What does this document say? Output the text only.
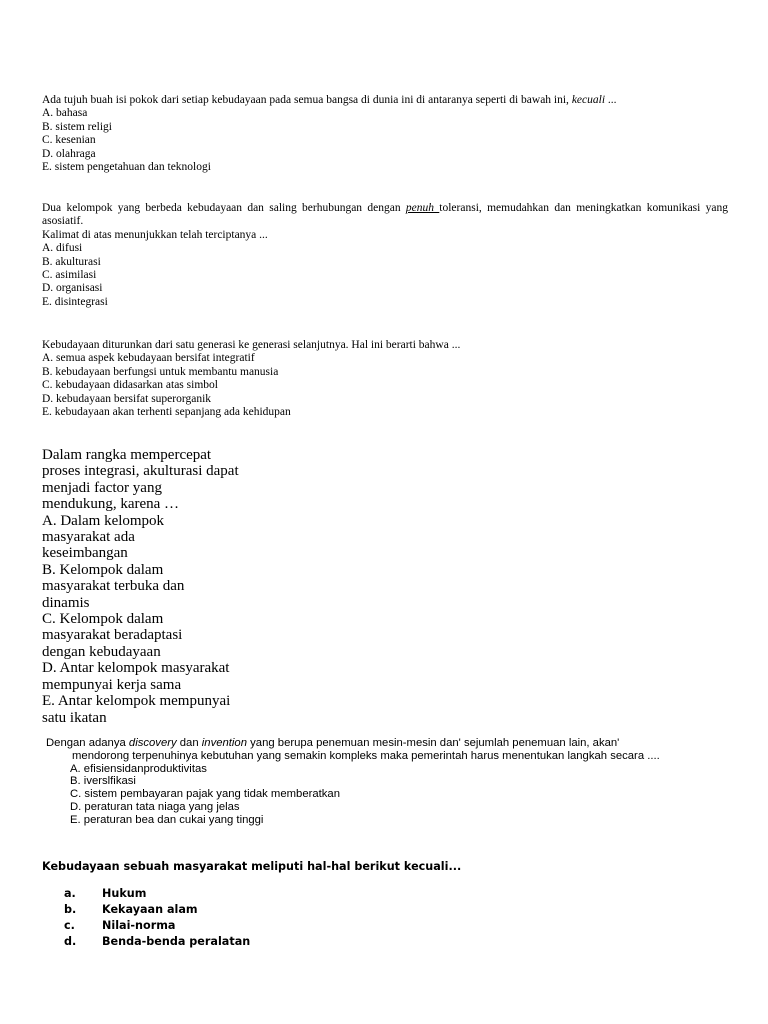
Ada tujuh buah isi pokok dari setiap kebudayaan pada semua bangsa di dunia ini di antaranya seperti di bawah ini, kecuali ...
A. bahasa
B. sistem religi
C. kesenian
D. olahraga
E. sistem pengetahuan dan teknologi
Dua kelompok yang berbeda kebudayaan dan saling berhubungan dengan penuh toleransi, memudahkan dan meningkatkan komunikasi yang asosiatif.
Kalimat di atas menunjukkan telah terciptanya ...
A. difusi
B. akulturasi
C. asimilasi
D. organisasi
E. disintegrasi
Kebudayaan diturunkan dari satu generasi ke generasi selanjutnya. Hal ini berarti bahwa ...
A. semua aspek kebudayaan bersifat integratif
B. kebudayaan berfungsi untuk membantu manusia
C. kebudayaan didasarkan atas simbol
D. kebudayaan bersifat superorganik
E. kebudayaan akan terhenti sepanjang ada kehidupan
Dalam rangka mempercepat
proses integrasi, akulturasi dapat
menjadi factor yang
mendukung, karena …
A. Dalam kelompok
masyarakat ada
keseimbangan
B. Kelompok dalam
masyarakat terbuka dan
dinamis
C. Kelompok dalam
masyarakat beradaptasi
dengan kebudayaan
D. Antar kelompok masyarakat
mempunyai kerja sama
E. Antar kelompok mempunyai
satu ikatan
Dengan adanya discovery dan invention yang berupa penemuan mesin-mesin dan' sejumlah penemuan lain, akan'
mendorong terpenuhinya kebutuhan yang semakin kompleks maka pemerintah harus menentukan langkah secara ....
A. efisiensidanproduktivitas
B. iverslfikasi
C. sistem pembayaran pajak yang tidak memberatkan
D. peraturan tata niaga yang jelas
E. peraturan bea dan cukai yang tinggi
Kebudayaan sebuah masyarakat meliputi hal-hal berikut kecuali...
a.	Hukum
b.	Kekayaan alam
c.	Nilai-norma
d.	Benda-benda peralatan
